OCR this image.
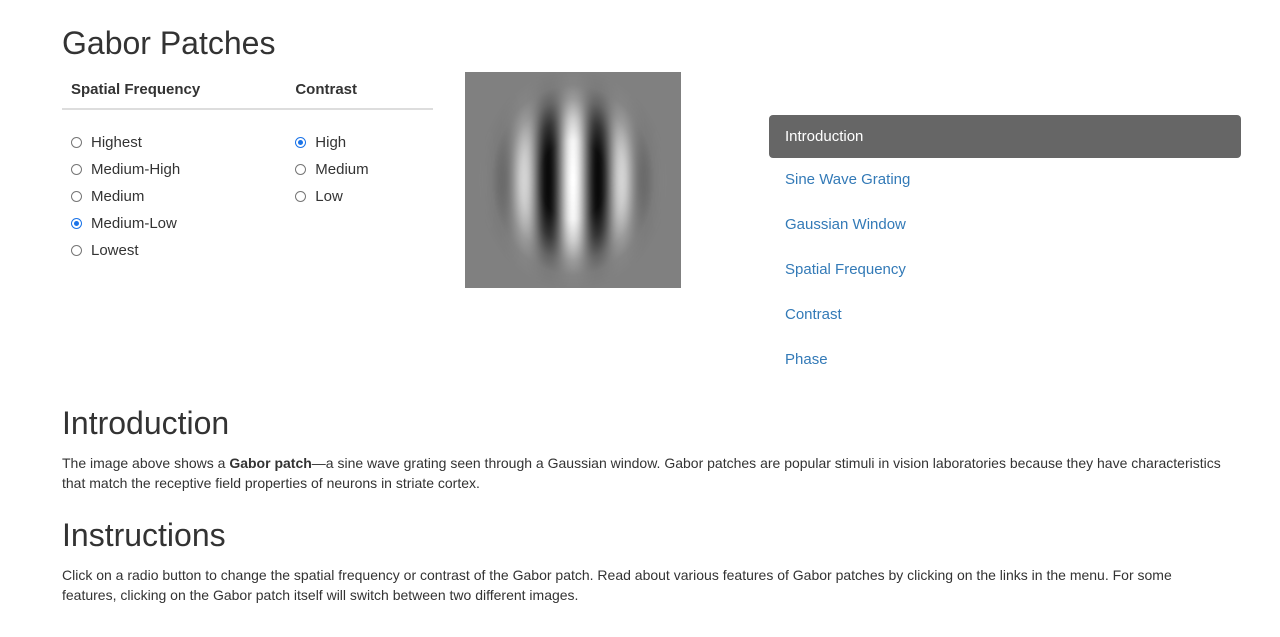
Gabor Patches
Spatial Frequency	Contrast
Highest
Medium-High
Medium
Medium-Low
Lowest
High
Medium
Low
Introduction
Sine Wave Grating
Gaussian Window
Spatial Frequency
Contrast
Phase
Introduction

The image above shows a Gabor patch—a sine wave grating seen through a Gaussian window. Gabor patches are popular stimuli in vision laboratories because they have characteristics that match the receptive field properties of neurons in striate cortex.

Instructions

Click on a radio button to change the spatial frequency or contrast of the Gabor patch. Read about various features of Gabor patches by clicking on the links in the menu. For some features, clicking on the Gabor patch itself will switch between two different images.
